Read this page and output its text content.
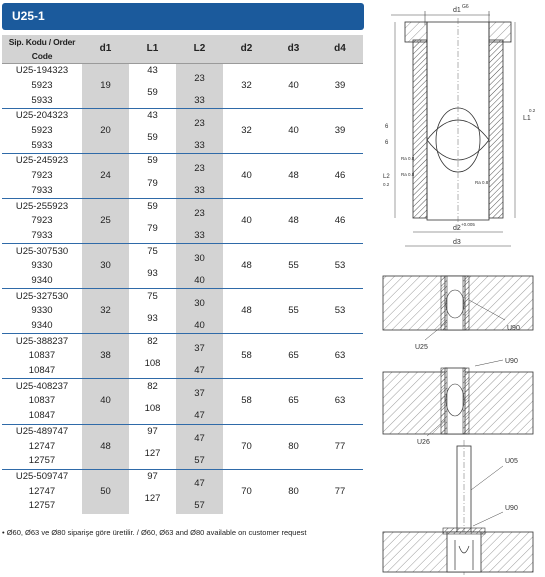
U25-1
Sip. Kodu / Order Code	d1	L1	L2	d2	d3	d4
U25-194323	19	43	23	32	40	39
5923		59				

5933			33			
U25-204323	20	43	23	32	40	39
5923		59				

5933			33			
U25-245923	24	59	23	40	48	46
7923		79				

7933			33			
U25-255923	25	59	23	40	48	46
7923		79				

7933			33			
U25-307530	30	75	30	48	55	53
9330		93				

9340			40			
U25-327530	32	75	30	48	55	53
9330		93				

9340			40			
U25-388237	38	82	37	58	65	63
10837		108				

10847			47			
U25-408237	40	82	37	58	65	63
10837		108				

10847			47			
U25-489747	48	97	47	70	80	77
12747		127				

12757			57			
U25-509747	50	97	47	70	80	77
12747		127				

12757			57			
• Ø60, Ø63 ve Ø80 siparişe göre üretilir. / Ø60, Ø63 and Ø80 available on customer request
d1 G6
6
6
L2
0.2
L1
0.2
Ra 0.8
Ra 0.8
Ra 0.8
d2
+0.005
d3
U90
U25
U90
U26
U05
U90
